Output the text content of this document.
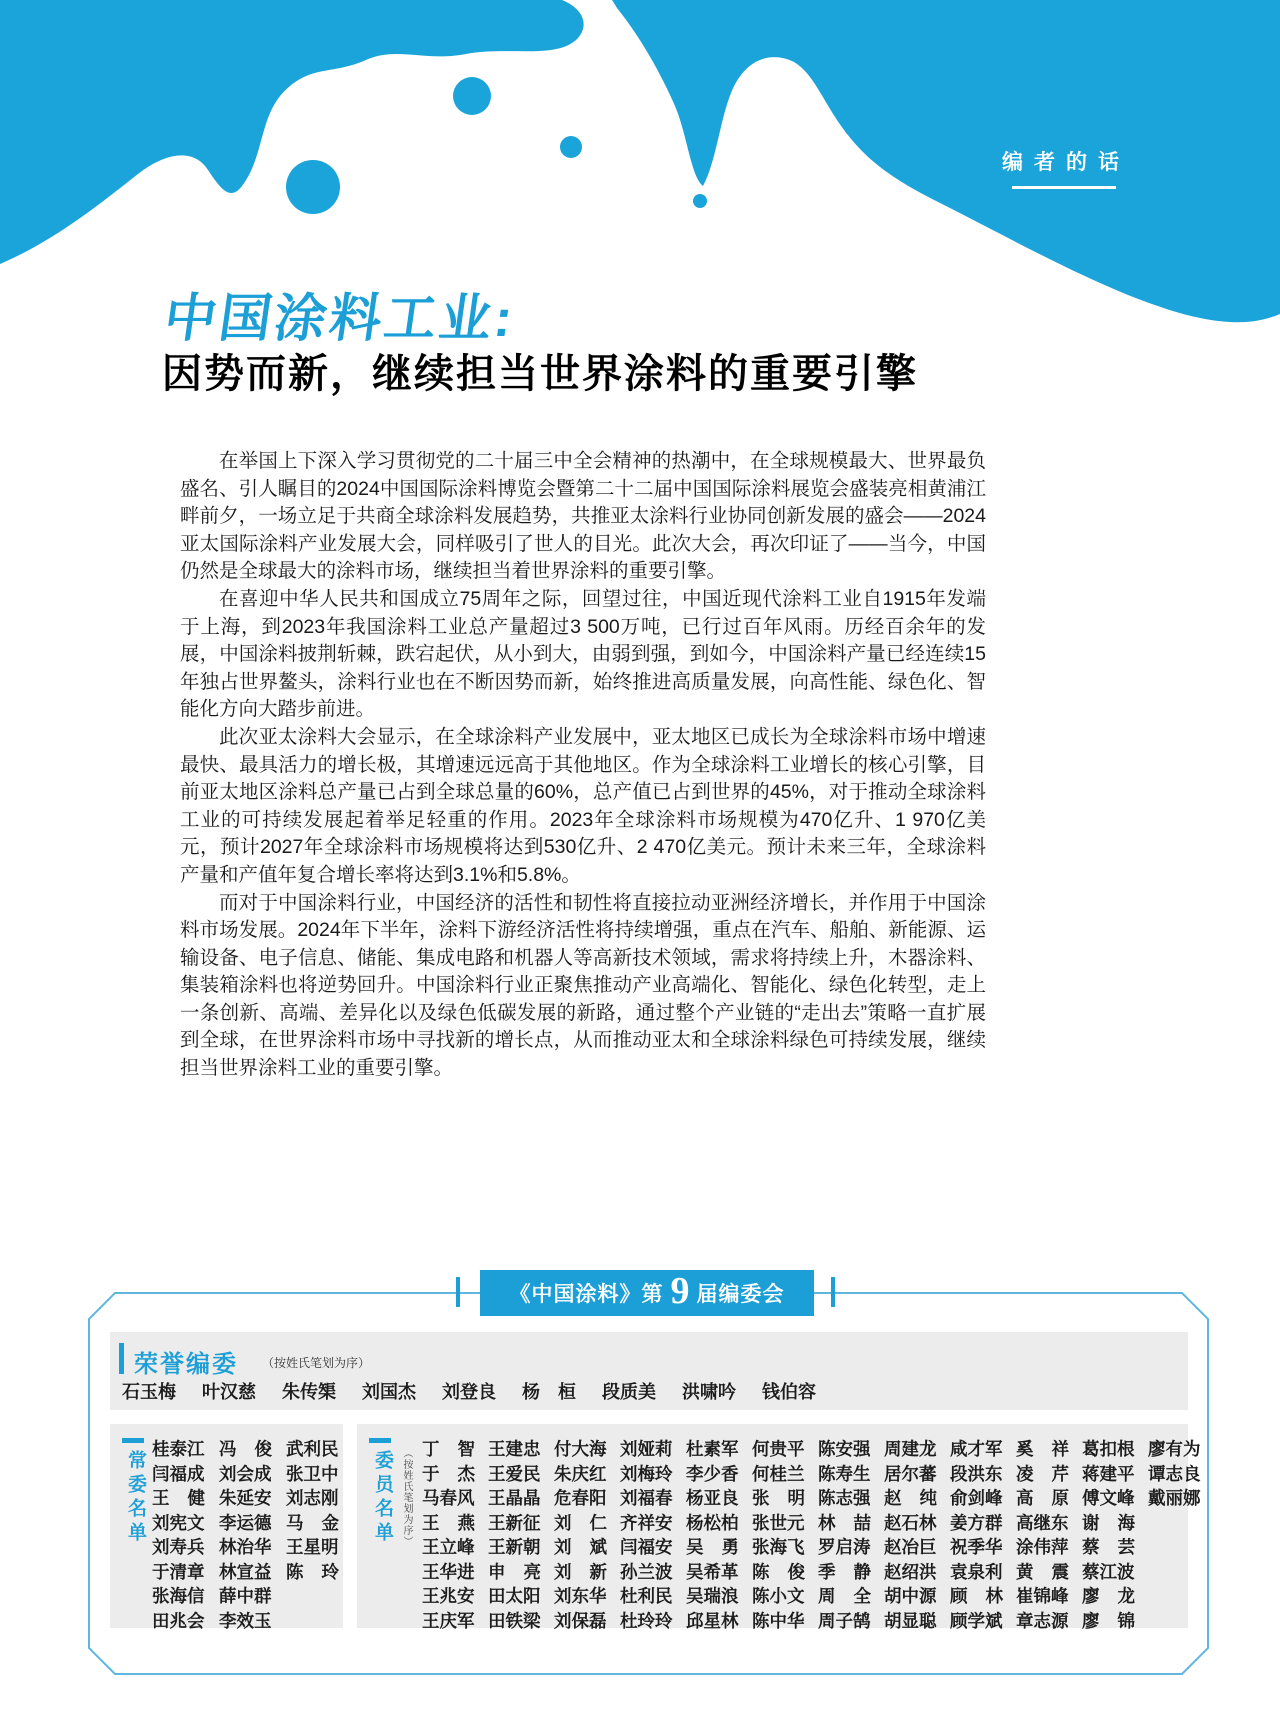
编者的话
中国涂料工业:
因势而新，继续担当世界涂料的重要引擎

在举国上下深入学习贯彻党的二十届三中全会精神的热潮中，在全球规模最大、世界最负盛名、引人瞩目的2024中国国际涂料博览会暨第二十二届中国国际涂料展览会盛装亮相黄浦江畔前夕，一场立足于共商全球涂料发展趋势，共推亚太涂料行业协同创新发展的盛会——2024亚太国际涂料产业发展大会，同样吸引了世人的目光。此次大会，再次印证了——当今，中国仍然是全球最大的涂料市场，继续担当着世界涂料的重要引擎。

在喜迎中华人民共和国成立75周年之际，回望过往，中国近现代涂料工业自1915年发端于上海，到2023年我国涂料工业总产量超过3 500万吨，已行过百年风雨。历经百余年的发展，中国涂料披荆斩棘，跌宕起伏，从小到大，由弱到强，到如今，中国涂料产量已经连续15年独占世界鳌头，涂料行业也在不断因势而新，始终推进高质量发展，向高性能、绿色化、智能化方向大踏步前进。

此次亚太涂料大会显示，在全球涂料产业发展中，亚太地区已成长为全球涂料市场中增速最快、最具活力的增长极，其增速远远高于其他地区。作为全球涂料工业增长的核心引擎，目前亚太地区涂料总产量已占到全球总量的60%，总产值已占到世界的45%，对于推动全球涂料工业的可持续发展起着举足轻重的作用。2023年全球涂料市场规模为470亿升、1 970亿美元，预计2027年全球涂料市场规模将达到530亿升、2 470亿美元。预计未来三年，全球涂料产量和产值年复合增长率将达到3.1%和5.8%。

而对于中国涂料行业，中国经济的活性和韧性将直接拉动亚洲经济增长，并作用于中国涂料市场发展。2024年下半年，涂料下游经济活性将持续增强，重点在汽车、船舶、新能源、运输设备、电子信息、储能、集成电路和机器人等高新技术领域，需求将持续上升，木器涂料、集装箱涂料也将逆势回升。中国涂料行业正聚焦推动产业高端化、智能化、绿色化转型，走上一条创新、高端、差异化以及绿色低碳发展的新路，通过整个产业链的“走出去”策略一直扩展到全球，在世界涂料市场中寻找新的增长点，从而推动亚太和全球涂料绿色可持续发展，继续担当世界涂料工业的重要引擎。

《中国涂料》第 9 届编委会
荣誉编委 （按姓氏笔划为序）
石玉梅 叶汉慈 朱传榘 刘国杰 刘登良 杨桓 段质美 洪啸吟 钱伯容
常委名单
桂泰江
闫福成
王健
刘宪文
刘寿兵
于清章
张海信
田兆会
冯俊
刘会成
朱延安
李运德
林治华
林宣益
薛中群
李效玉
武利民
张卫中
刘志刚
马金
王星明
陈玲
委员名单 （按姓氏笔划为序） 丁智
于杰
马春风
王燕
王立峰
王华进
王兆安
王庆军
王建忠
王爱民
王晶晶
王新征
王新朝
申亮
田太阳
田铁梁
付大海
朱庆红
危春阳
刘仁
刘斌
刘新
刘东华
刘保磊
刘娅莉
刘梅玲
刘福春
齐祥安
闫福安
孙兰波
杜利民
杜玲玲
杜素军
李少香
杨亚良
杨松柏
吴勇
吴希革
吴瑞浪
邱星林
何贵平
何桂兰
张明
张世元
张海飞
陈俊
陈小文
陈中华
陈安强
陈寿生
陈志强
林喆
罗启涛
季静
周全
周子鹄
周建龙
居尔蕃
赵纯
赵石林
赵冶巨
赵绍洪
胡中源
胡显聪
咸才军
段洪东
俞剑峰
姜方群
祝季华
袁泉利
顾林
顾学斌
奚祥
凌芹
高原
高继东
涂伟萍
黄震
崔锦峰
章志源
葛扣根
蒋建平
傅文峰
谢海
蔡芸
蔡江波
廖龙
廖锦
廖有为
谭志良
戴丽娜
